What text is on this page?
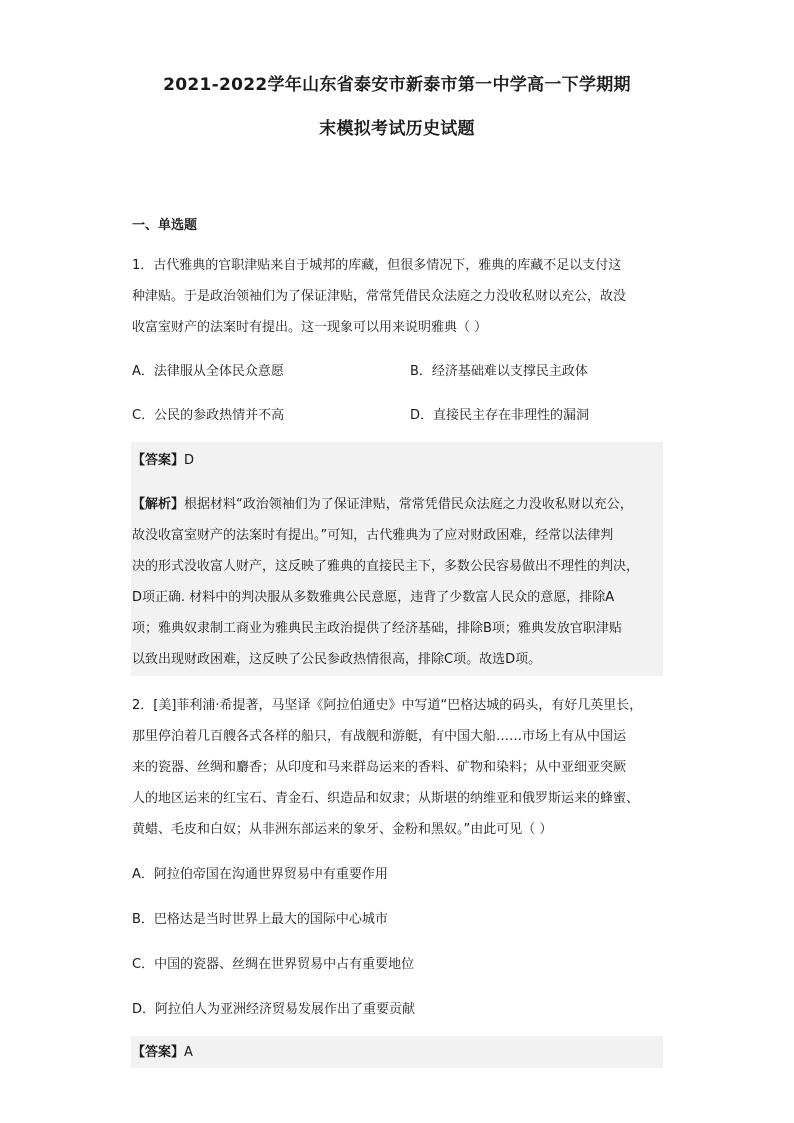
2021-2022学年山东省泰安市新泰市第一中学高一下学期期
末模拟考试历史试题
一、单选题
1．古代雅典的官职津贴来自于城邦的库藏，但很多情况下，雅典的库藏不足以支付这
种津贴。于是政治领袖们为了保证津贴，常常凭借民众法庭之力没收私财以充公，故没
收富室财产的法案时有提出。这一现象可以用来说明雅典（ ）
A．法律服从全体民众意愿	B．经济基础难以支撑民主政体
C．公民的参政热情并不高	D．直接民主存在非理性的漏洞
【答案】D
【解析】根据材料“政治领袖们为了保证津贴，常常凭借民众法庭之力没收私财以充公，
故没收富室财产的法案时有提出。”可知，古代雅典为了应对财政困难，经常以法律判
决的形式没收富人财产，这反映了雅典的直接民主下，多数公民容易做出不理性的判决，
D项正确. 材料中的判决服从多数雅典公民意愿，违背了少数富人民众的意愿，排除A
项；雅典奴隶制工商业为雅典民主政治提供了经济基础，排除B项；雅典发放官职津贴
以致出现财政困难，这反映了公民参政热情很高，排除C项。故选D项。
2．[美]菲利浦·希提著，马坚译《阿拉伯通史》中写道“巴格达城的码头，有好几英里长，
那里停泊着几百艘各式各样的船只，有战舰和游艇，有中国大船……市场上有从中国运
来的瓷器、丝绸和麝香；从印度和马来群岛运来的香料、矿物和染料；从中亚细亚突厥
人的地区运来的红宝石、青金石、织造品和奴隶；从斯堪的纳维亚和俄罗斯运来的蜂蜜、
黄蜡、毛皮和白奴；从非洲东部运来的象牙、金粉和黑奴。”由此可见（ ）
A．阿拉伯帝国在沟通世界贸易中有重要作用
B．巴格达是当时世界上最大的国际中心城市
C．中国的瓷器、丝绸在世界贸易中占有重要地位
D．阿拉伯人为亚洲经济贸易发展作出了重要贡献
【答案】A
